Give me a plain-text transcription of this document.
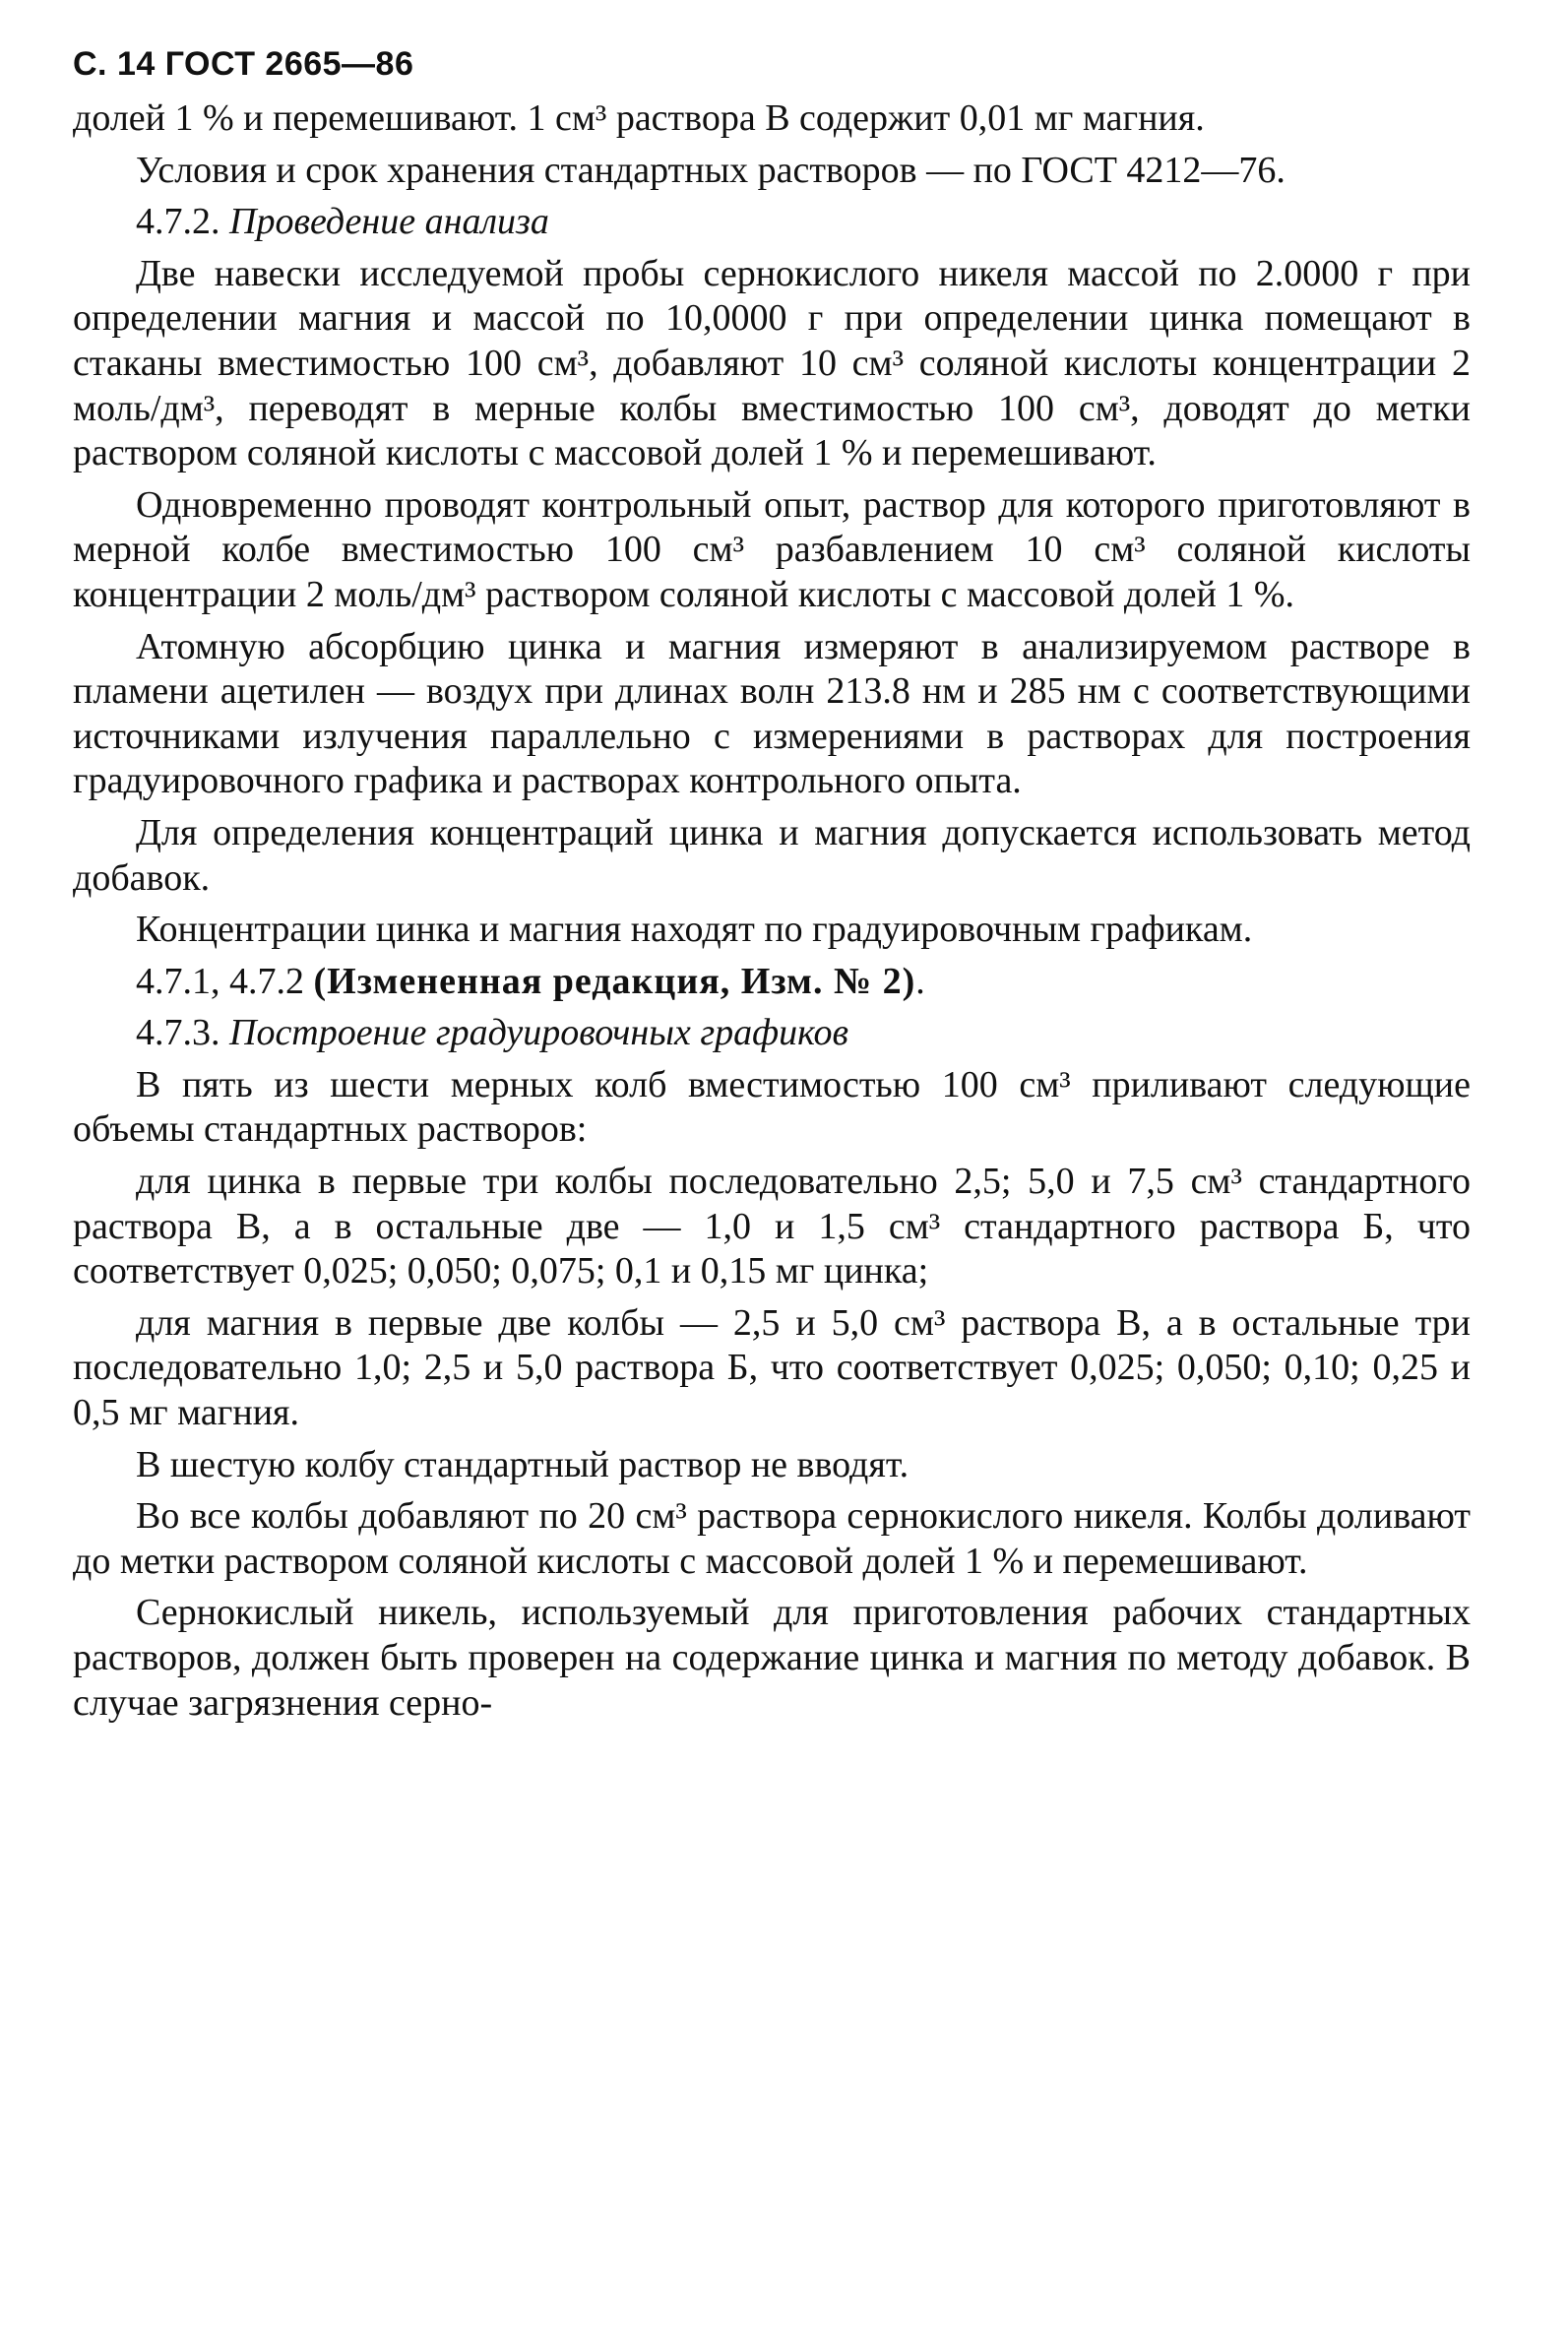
С. 14 ГОСТ 2665—86

долей 1 % и перемешивают. 1 см³ раствора В содержит 0,01 мг магния.

Условия и срок хранения стандартных растворов — по ГОСТ 4212—76.

4.7.2. Проведение анализа

Две навески исследуемой пробы сернокислого никеля массой по 2.0000 г при определении магния и массой по 10,0000 г при определении цинка помещают в стаканы вместимостью 100 см³, добавляют 10 см³ соляной кислоты концентрации 2 моль/дм³, переводят в мерные колбы вместимостью 100 см³, доводят до метки раствором соляной кислоты с массовой долей 1 % и перемешивают.

Одновременно проводят контрольный опыт, раствор для которого приготовляют в мерной колбе вместимостью 100 см³ разбавлением 10 см³ соляной кислоты концентрации 2 моль/дм³ раствором соляной кислоты с массовой долей 1 %.

Атомную абсорбцию цинка и магния измеряют в анализируемом растворе в пламени ацетилен — воздух при длинах волн 213.8 нм и 285 нм с соответствующими источниками излучения параллельно с измерениями в растворах для построения градуировочного графика и растворах контрольного опыта.

Для определения концентраций цинка и магния допускается использовать метод добавок.

Концентрации цинка и магния находят по градуировочным графикам.

4.7.1, 4.7.2 (Измененная редакция, Изм. № 2).

4.7.3. Построение градуировочных графиков

В пять из шести мерных колб вместимостью 100 см³ приливают следующие объемы стандартных растворов:

для цинка в первые три колбы последовательно 2,5; 5,0 и 7,5 см³ стандартного раствора В, а в остальные две — 1,0 и 1,5 см³ стандартного раствора Б, что соответствует 0,025; 0,050; 0,075; 0,1 и 0,15 мг цинка;

для магния в первые две колбы — 2,5 и 5,0 см³ раствора В, а в остальные три последовательно 1,0; 2,5 и 5,0 раствора Б, что соответствует 0,025; 0,050; 0,10; 0,25 и 0,5 мг магния.

В шестую колбу стандартный раствор не вводят.

Во все колбы добавляют по 20 см³ раствора сернокислого никеля. Колбы доливают до метки раствором соляной кислоты с массовой долей 1 % и перемешивают.

Сернокислый никель, используемый для приготовления рабочих стандартных растворов, должен быть проверен на содержание цинка и магния по методу добавок. В случае загрязнения серно-
